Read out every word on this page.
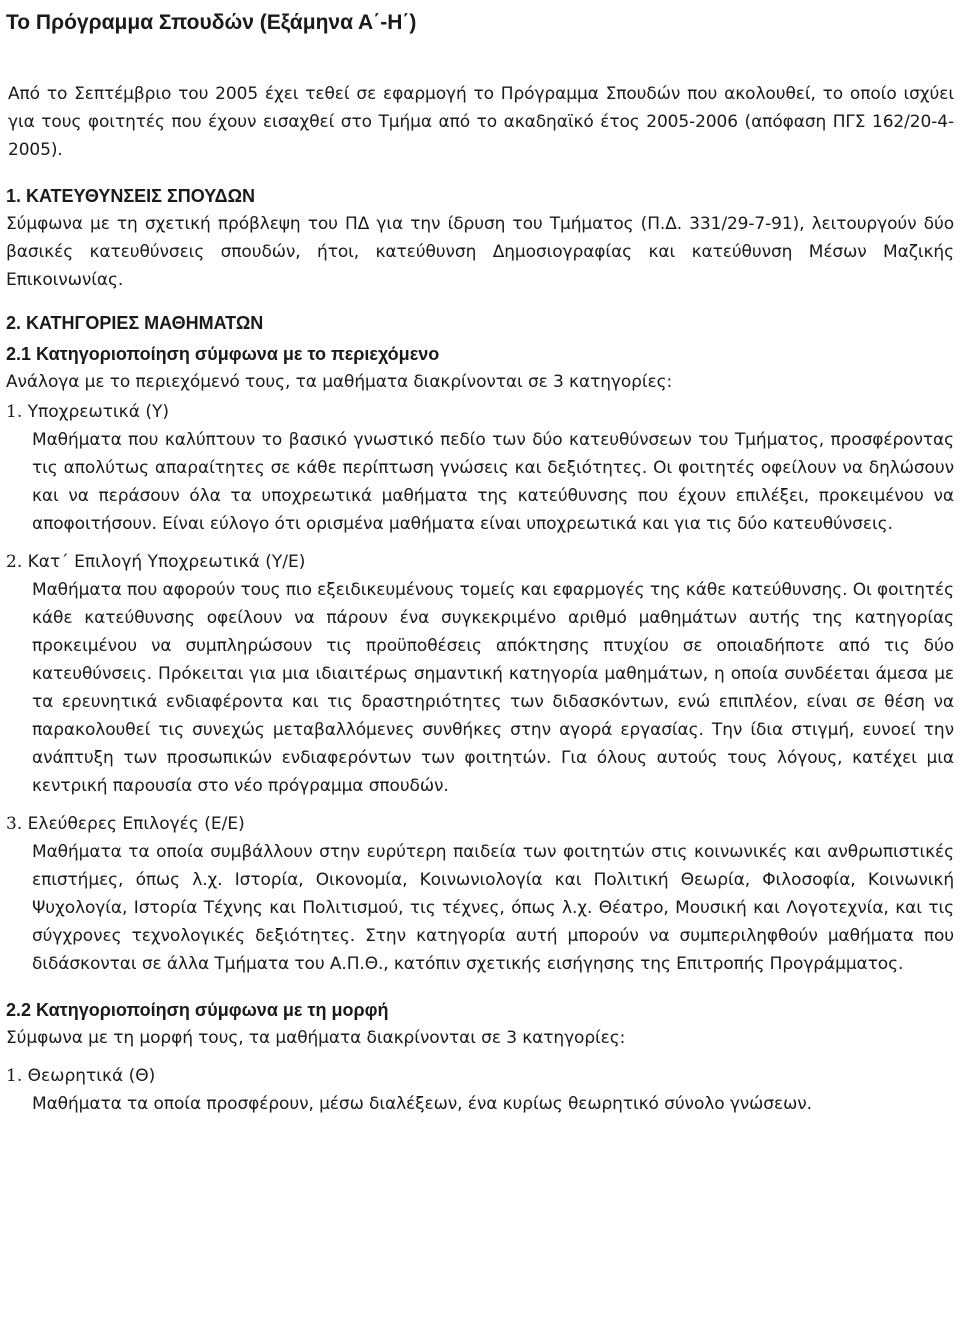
Το Πρόγραμμα Σπουδών (Εξάμηνα Α΄-Η΄)

Από το Σεπτέμβριο του 2005 έχει τεθεί σε εφαρμογή το Πρόγραμμα Σπουδών που ακολουθεί, το οποίο ισχύει για τους φοιτητές που έχουν εισαχθεί στο Τμήμα από το ακαδηαϊκό έτος 2005-2006 (απόφαση ΠΓΣ 162/20-4-2005).

1. ΚΑΤΕΥΘΥΝΣΕΙΣ ΣΠΟΥΔΩΝ

Σύμφωνα με τη σχετική πρόβλεψη του ΠΔ για την ίδρυση του Τμήματος (Π.Δ. 331/29-7-91), λειτουργούν δύο βασικές κατευθύνσεις σπουδών, ήτοι, κατεύθυνση Δημοσιογραφίας και κατεύθυνση Μέσων Μαζικής Επικοινωνίας.

2. ΚΑΤΗΓΟΡΙΕΣ ΜΑΘΗΜΑΤΩΝ
2.1 Κατηγοριοποίηση σύμφωνα με το περιεχόμενο

Ανάλογα με το περιεχόμενό τους, τα μαθήματα διακρίνονται σε 3 κατηγορίες:

1. Υποχρεωτικά (Υ)

Μαθήματα που καλύπτουν το βασικό γνωστικό πεδίο των δύο κατευθύνσεων του Τμήματος, προσφέροντας τις απολύτως απαραίτητες σε κάθε περίπτωση γνώσεις και δεξιότητες. Οι φοιτητές οφείλουν να δηλώσουν και να περάσουν όλα τα υποχρεωτικά μαθήματα της κατεύθυνσης που έχουν επιλέξει, προκειμένου να αποφοιτήσουν. Είναι εύλογο ότι ορισμένα μαθήματα είναι υποχρεωτικά και για τις δύο κατευθύνσεις.

2. Κατ΄ Επιλογή Υποχρεωτικά (Υ/Ε)

Μαθήματα που αφορούν τους πιο εξειδικευμένους τομείς και εφαρμογές της κάθε κατεύθυνσης. Οι φοιτητές κάθε κατεύθυνσης οφείλουν να πάρουν ένα συγκεκριμένο αριθμό μαθημάτων αυτής της κατηγορίας προκειμένου να συμπληρώσουν τις προϋποθέσεις απόκτησης πτυχίου σε οποιαδήποτε από τις δύο κατευθύνσεις. Πρόκειται για μια ιδιαιτέρως σημαντική κατηγορία μαθημάτων, η οποία συνδέεται άμεσα με τα ερευνητικά ενδιαφέροντα και τις δραστηριότητες των διδασκόντων, ενώ επιπλέον, είναι σε θέση να παρακολουθεί τις συνεχώς μεταβαλλόμενες συνθήκες στην αγορά εργασίας. Την ίδια στιγμή, ευνοεί την ανάπτυξη των προσωπικών ενδιαφερόντων των φοιτητών. Για όλους αυτούς τους λόγους, κατέχει μια κεντρική παρουσία στο νέο πρόγραμμα σπουδών.

3. Ελεύθερες Επιλογές (Ε/Ε)

Μαθήματα τα οποία συμβάλλουν στην ευρύτερη παιδεία των φοιτητών στις κοινωνικές και ανθρωπιστικές επιστήμες, όπως λ.χ. Ιστορία, Οικονομία, Κοινωνιολογία και Πολιτική Θεωρία, Φιλοσοφία, Κοινωνική Ψυχολογία, Ιστορία Τέχνης και Πολιτισμού, τις τέχνες, όπως λ.χ. Θέατρο, Μουσική και Λογοτεχνία, και τις σύγχρονες τεχνολογικές δεξιότητες. Στην κατηγορία αυτή μπορούν να συμπεριληφθούν μαθήματα που διδάσκονται σε άλλα Τμήματα του Α.Π.Θ., κατόπιν σχετικής εισήγησης της Επιτροπής Προγράμματος.

2.2 Κατηγοριοποίηση σύμφωνα με τη μορφή

Σύμφωνα με τη μορφή τους, τα μαθήματα διακρίνονται σε 3 κατηγορίες:

1. Θεωρητικά (Θ)

Μαθήματα τα οποία προσφέρουν, μέσω διαλέξεων, ένα κυρίως θεωρητικό σύνολο γνώσεων.
